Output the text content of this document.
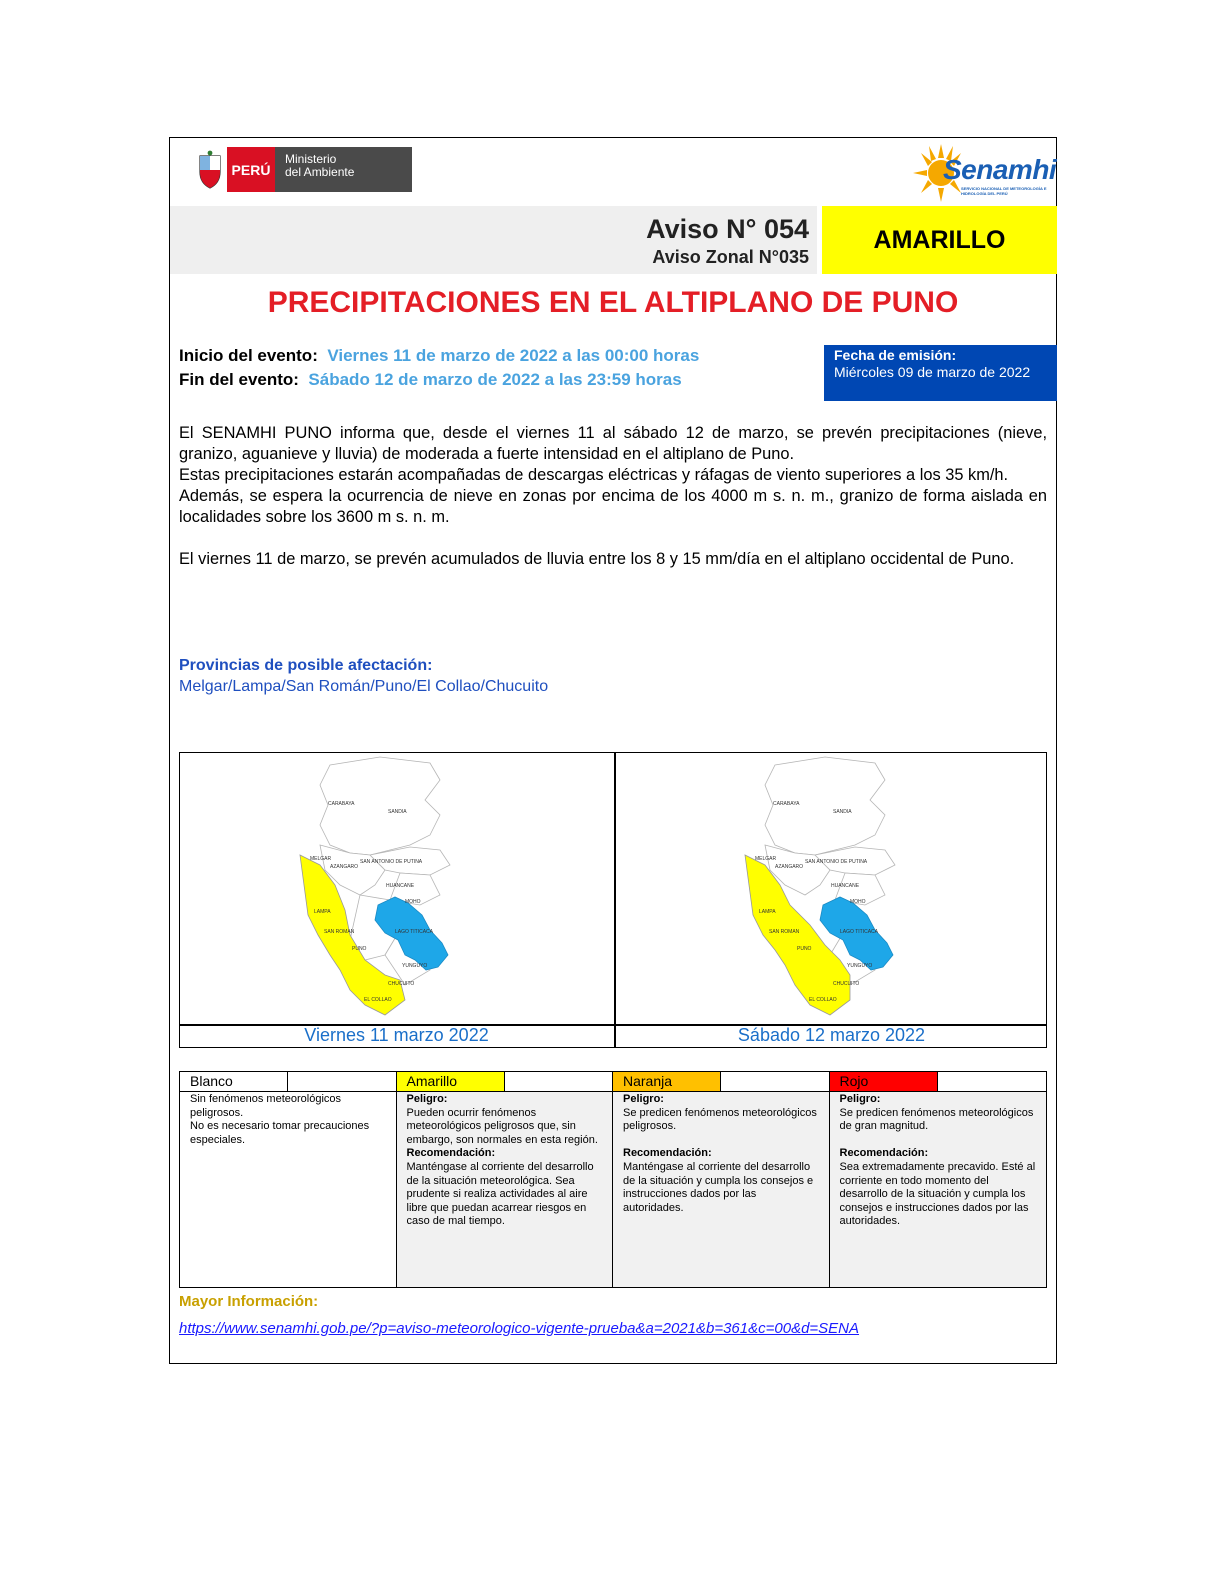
PERÚ
Ministerio
del Ambiente	Senamhi
SERVICIO NACIONAL DE METEOROLOGÍA E HIDROLOGÍA DEL PERÚ
Aviso N° 054
Aviso Zonal N°035
AMARILLO
PRECIPITACIONES EN EL ALTIPLANO DE PUNO
Inicio del evento: Viernes 11 de marzo de 2022 a las 00:00 horas
Fin del evento: Sábado 12 de marzo de 2022 a las 23:59 horas
Fecha de emisión:
Miércoles 09 de marzo de 2022

El SENAMHI PUNO informa que, desde el viernes 11 al sábado 12 de marzo, se prevén precipitaciones (nieve, granizo, aguanieve y lluvia) de moderada a fuerte intensidad en el altiplano de Puno.

Estas precipitaciones estarán acompañadas de descargas eléctricas y ráfagas de viento superiores a los 35 km/h.

Además, se espera la ocurrencia de nieve en zonas por encima de los 4000 m s. n. m., granizo de forma aislada en localidades sobre los 3600 m s. n. m.

El viernes 11 de marzo, se prevén acumulados de lluvia entre los 8 y 15 mm/día en el altiplano occidental de Puno.

Provincias de posible afectación:
Melgar/Lampa/San Román/Puno/El Collao/Chucuito
CARABAYA
SANDIA
MELGAR
AZANGARO
SAN ANTONIO DE PUTINA
HUANCANE
MOHO
LAMPA
SAN ROMAN	LAGO TITICACA
PUNO
YUNGUYO
CHUCUITO
EL COLLAO
CARABAYA
SANDIA
MELGAR
AZANGARO
SAN ANTONIO DE PUTINA
HUANCANE
MOHO
LAMPA
SAN ROMAN	LAGO TITICACA
PUNO
YUNGUYO
CHUCUITO
EL COLLAO
Viernes 11 marzo 2022	Sábado 12 marzo 2022
Blanco
Sin fenómenos meteorológicos peligrosos.
No es necesario tomar precauciones especiales.
Amarillo
Peligro:
Pueden ocurrir fenómenos meteorológicos peligrosos que, sin embargo, son normales en esta región.
Recomendación:
Manténgase al corriente del desarrollo de la situación meteorológica. Sea prudente si realiza actividades al aire libre que puedan acarrear riesgos en caso de mal tiempo.
Naranja
Peligro:
Se predicen fenómenos meteorológicos peligrosos.

Recomendación:
Manténgase al corriente del desarrollo de la situación y cumpla los consejos e instrucciones dados por las autoridades.
Rojo
Peligro:
Se predicen fenómenos meteorológicos de gran magnitud.

Recomendación:
Sea extremadamente precavido. Esté al corriente en todo momento del desarrollo de la situación y cumpla los consejos e instrucciones dados por las autoridades.
Mayor Información:
https://www.senamhi.gob.pe/?p=aviso-meteorologico-vigente-prueba&a=2021&b=361&c=00&d=SENA
